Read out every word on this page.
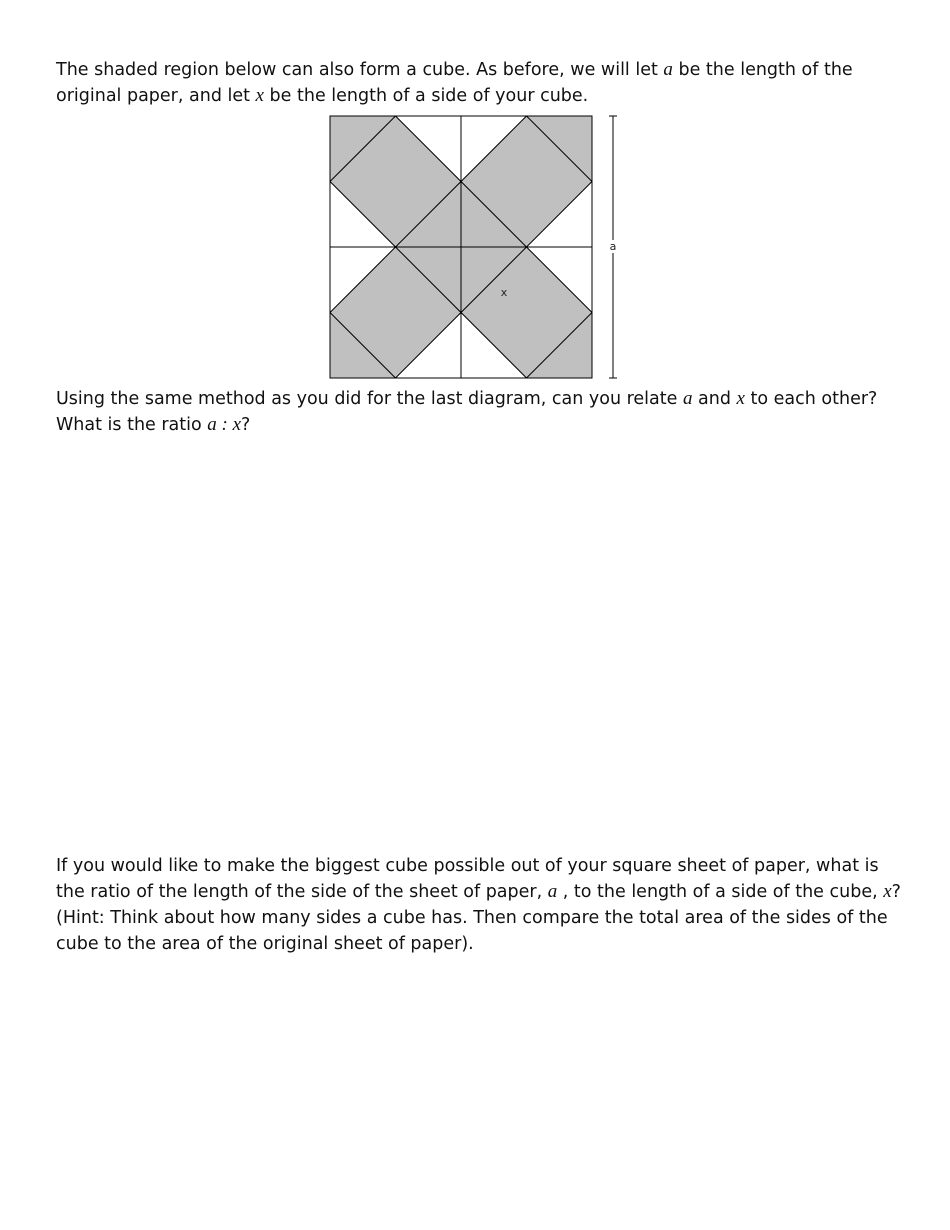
The shaded region below can also form a cube. As before, we will let a be the length of the original paper, and let x be the length of a side of your cube.

a
x
Using the same method as you did for the last diagram, can you relate a and x to each other?
What is the ratio a : x?

If you would like to make the biggest cube possible out of your square sheet of paper, what is the ratio of the length of the side of the sheet of paper, a , to the length of a side of the cube, x? (Hint: Think about how many sides a cube has. Then compare the total area of the sides of the cube to the area of the original sheet of paper).
